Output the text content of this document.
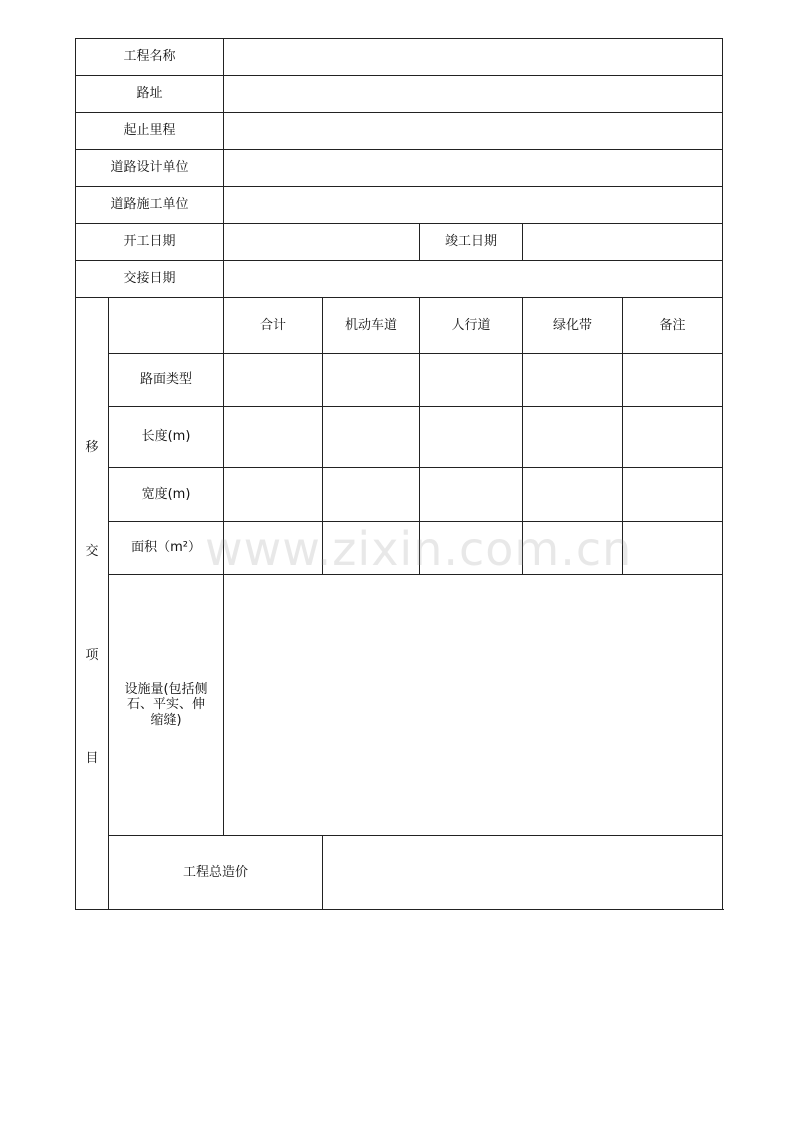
工程名称						
路址						
起止里程						
道路设计单位						
道路施工单位						
开工日期				竣工日期		
交接日期						

移
交
项
目		合计	机动车道	人行道	绿化带	备注
	路面类型					
	长度(m)					
	宽度(m)					
	面积（m²）					
	设施量(包括侧
石、平实、伸
缩缝)					
	工程总造价					
www.zixin.com.cn
